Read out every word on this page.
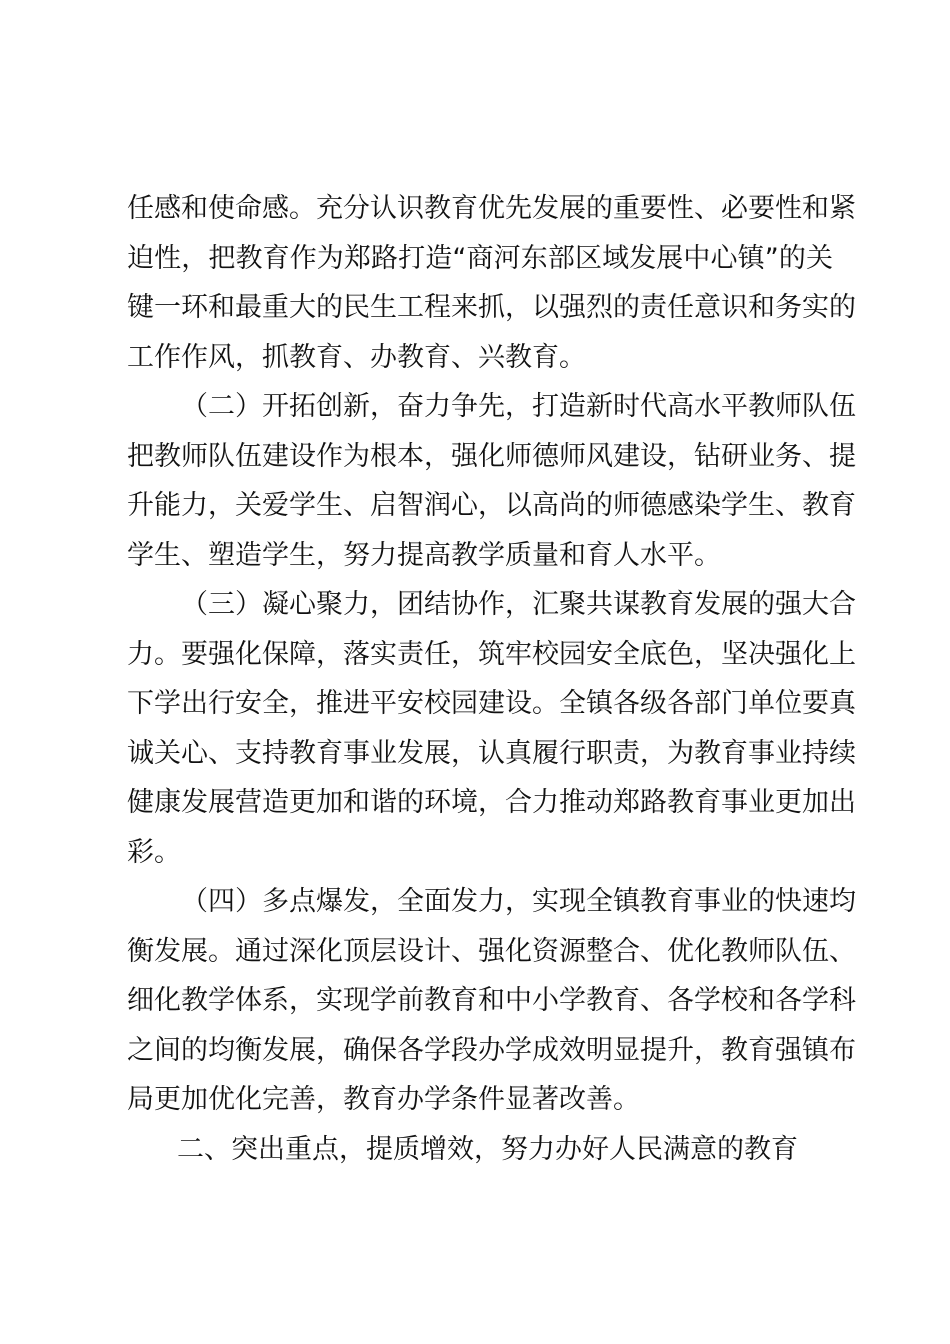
任感和使命感。充分认识教育优先发展的重要性、必要性和紧
迫性，把教育作为郑路打造“商河东部区域发展中心镇”的关
键一环和最重大的民生工程来抓，以强烈的责任意识和务实的
工作作风，抓教育、办教育、兴教育。
（二）开拓创新，奋力争先，打造新时代高水平教师队伍
把教师队伍建设作为根本，强化师德师风建设，钻研业务、提
升能力，关爱学生、启智润心，以高尚的师德感染学生、教育
学生、塑造学生，努力提高教学质量和育人水平。
（三）凝心聚力，团结协作，汇聚共谋教育发展的强大合
力。要强化保障，落实责任，筑牢校园安全底色，坚决强化上
下学出行安全，推进平安校园建设。全镇各级各部门单位要真
诚关心、支持教育事业发展，认真履行职责，为教育事业持续
健康发展营造更加和谐的环境，合力推动郑路教育事业更加出
彩。
（四）多点爆发，全面发力，实现全镇教育事业的快速均
衡发展。通过深化顶层设计、强化资源整合、优化教师队伍、
细化教学体系，实现学前教育和中小学教育、各学校和各学科
之间的均衡发展，确保各学段办学成效明显提升，教育强镇布
局更加优化完善，教育办学条件显著改善。
二、突出重点，提质增效，努力办好人民满意的教育
